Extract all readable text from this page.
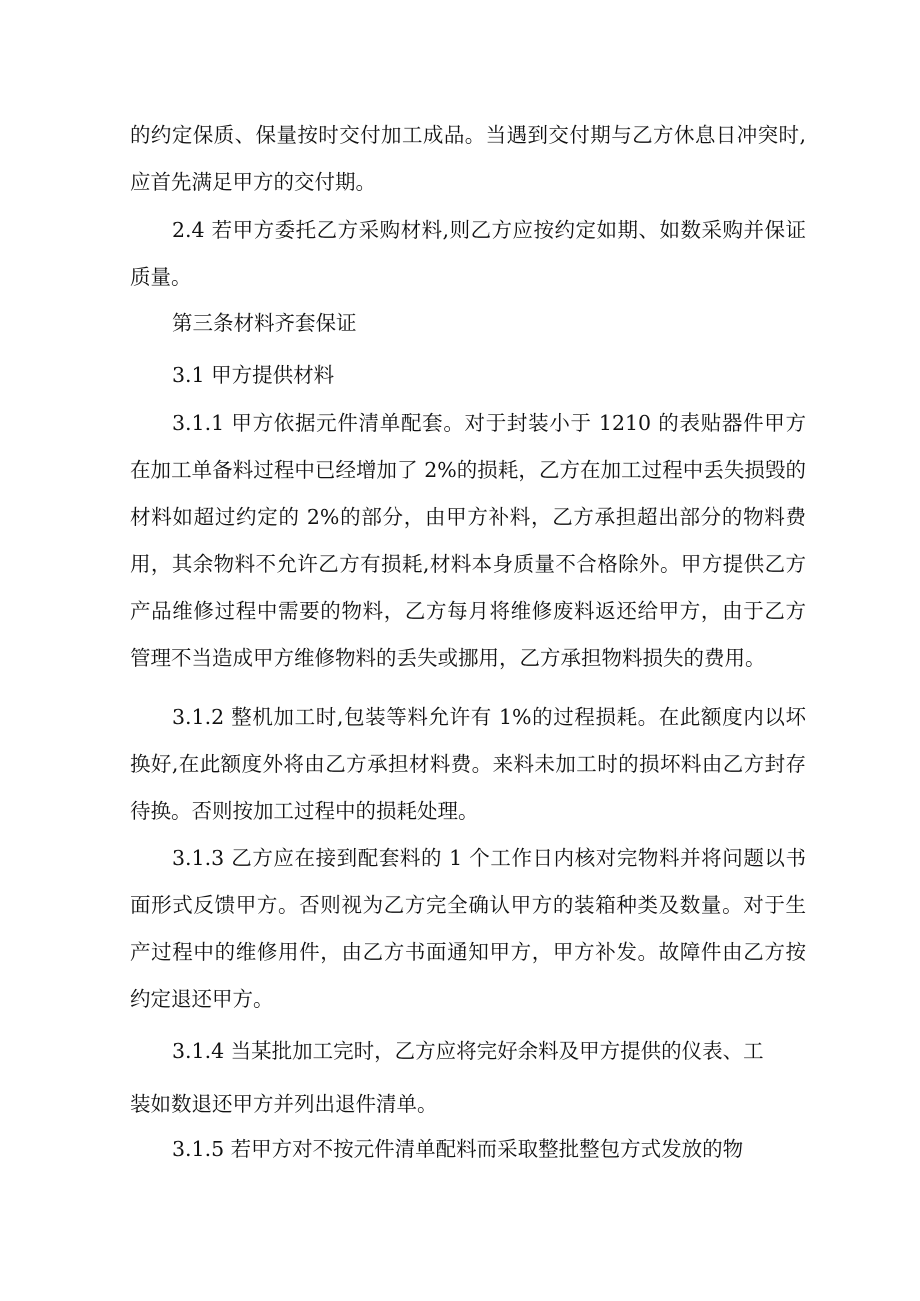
的约定保质、保量按时交付加工成品。当遇到交付期与乙方休息日冲突时,应首先满足甲方的交付期。

2.4 若甲方委托乙方采购材料,则乙方应按约定如期、如数采购并保证质量。

第三条材料齐套保证

3.1 甲方提供材料

3.1.1 甲方依据元件清单配套。对于封装小于 1210 的表贴器件甲方在加工单备料过程中已经增加了 2%的损耗，乙方在加工过程中丢失损毁的材料如超过约定的 2%的部分，由甲方补料，乙方承担超出部分的物料费用，其余物料不允许乙方有损耗,材料本身质量不合格除外。甲方提供乙方产品维修过程中需要的物料，乙方每月将维修废料返还给甲方，由于乙方管理不当造成甲方维修物料的丢失或挪用，乙方承担物料损失的费用。

3.1.2 整机加工时,包装等料允许有 1%的过程损耗。在此额度内以坏换好,在此额度外将由乙方承担材料费。来料未加工时的损坏料由乙方封存待换。否则按加工过程中的损耗处理。

3.1.3 乙方应在接到配套料的 1 个工作日内核对完物料并将问题以书面形式反馈甲方。否则视为乙方完全确认甲方的装箱种类及数量。对于生产过程中的维修用件，由乙方书面通知甲方，甲方补发。故障件由乙方按约定退还甲方。

3.1.4 当某批加工完时，乙方应将完好余料及甲方提供的仪表、工

装如数退还甲方并列出退件清单。

3.1.5 若甲方对不按元件清单配料而采取整批整包方式发放的物
